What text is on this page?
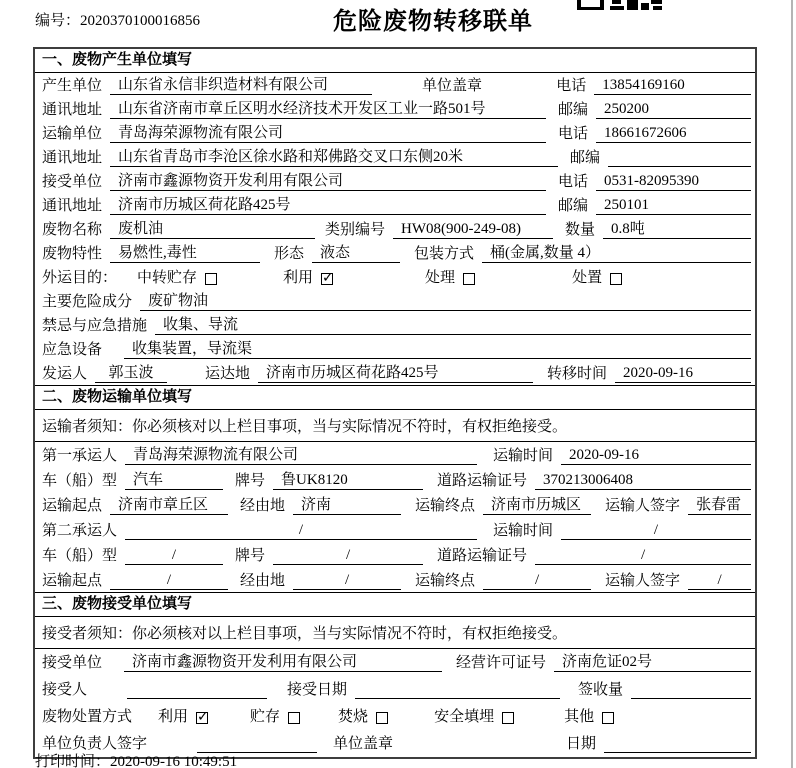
编号：2020370100016856	危险废物转移联单
一、废物产生单位填写
产生单位	山东省永信非织造材料有限公司	单位盖章	电话	13854169160
通讯地址	山东省济南市章丘区明水经济技术开发区工业一路501号	邮编	250200
运输单位	青岛海荣源物流有限公司	电话	18661672606
通讯地址	山东省青岛市李沧区徐水路和郑佛路交叉口东侧20米	邮编
接受单位	济南市鑫源物资开发利用有限公司	电话	0531-82095390
通讯地址	济南市历城区荷花路425号	邮编	250101
废物名称	废机油	类别编号	HW08(900-249-08)	数量	0.8吨
废物特性	易燃性,毒性	形态	液态	包装方式	桶(金属,数量 4）
外运目的： 中转贮存	利用 ✓	处理	处置
主要危险成分	废矿物油
禁忌与应急措施	收集、导流
应急设备	收集装置，导流渠
发运人	郭玉波	运达地	济南市历城区荷花路425号	转移时间	2020-09-16
二、废物运输单位填写
运输者须知：你必须核对以上栏目事项，当与实际情况不符时，有权拒绝接受。
第一承运人	青岛海荣源物流有限公司	运输时间	2020-09-16
车（船）型	汽车	牌号	鲁UK8120	道路运输证号	370213006408
运输起点	济南市章丘区	经由地	济南	运输终点	济南市历城区	运输人签字	张春雷
第二承运人	/	运输时间	/
车（船）型	/	牌号	/	道路运输证号	/
运输起点	/	经由地	/	运输终点	/	运输人签字	/
三、废物接受单位填写
接受者须知：你必须核对以上栏目事项，当与实际情况不符时，有权拒绝接受。
接受单位	济南市鑫源物资开发利用有限公司	经营许可证号	济南危证02号
接受人	接受日期	签收量
废物处置方式 利用 ✓	贮存	焚烧	安全填埋	其他
单位负责人签字	单位盖章	日期
打印时间：2020-09-16 10:49:51
